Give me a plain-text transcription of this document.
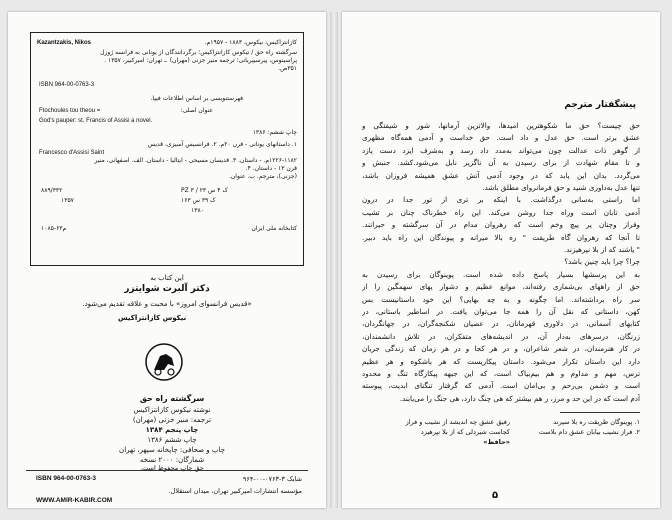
Kazantzakis, Nikos	کازانتزاکیس، نیکوس، ۱۸۸۳ - ۱۹۵۷م.
سرگشته راه حق / نیکوس کازانتزاکیس؛ برگردانندگان از یونانی به فرانسه ژوزل
پراسینوس، پیرسیپریانی؛ ترجمه منیر جزنی (مهران) .ـ تهران: امیرکبیر، ۱۳۵۷ .
۳۵۱ص.
ISBN 964-00-0763-3
فهرستنویسی بر اساس اطلاعات فیپا.
Ftochoules tou theou =	عنوان اصلی:
God's pauper: st. Francis of Assisi a novel.
چاپ ششم: ۱۳۸۶
۱. داستانهای یونانی - قرن ۲۰م. ۲. فرانسیس آسیزی، قدیس
Francesco d'Assisi Saint
۱۲۲۶-۱۱۸۲م. - داستان. ۳. قدیسان مسیحی - ایتالیا - داستان. الف. اصفهانی، منیر
قرن ۱۳ - داستان. ۴.
(جزنی)، مترجم. ب. عنوان.
۸۸۹/۳۳۲	PZ ۳ / ۲۳ ک ۴ س
۱۳۵۷	۱۶۳ ک ۳۹ س
۱۳۸۰
کتابخانه ملی ایران
م۶۳-۱۰۸۵
این کتاب به
دکتر آلبرت شوایتزر
«قدیس فرانسوای امروز» با محبت و علاقه تقدیم می‌شود.
نیکوس کازانتزاکیس
سرگشته راه حق
نوشته نیکوس کازانتزاکیس
ترجمه: منیر جزنی (مهران)
چاپ پنجم ۱۳۸۴
چاپ ششم ۱۳۸۶
چاپ و صحافی: چاپخانه سپهر، تهران
شمارگان: ۲۰۰۰ نسخه
حق چاپ محفوظ است.
ISBN 964-00-0763-3	شابک ۳-۰۷۶۳-۰۰-۹۶۴
مؤسسه انتشارات امیرکبیر تهران، میدان استقلال.
WWW.AMIR-KABIR.COM
پیشگفتار مترجم
حق چیست؟ حق ما شکوهترین امیدها، والاترین آرمانها، شور و شیفتگی و
عشق برتر است. حق عدل و داد است. حق خداست و آدمی همه‌گاه مظهری
از گوهر ذات عدالت چون می‌تواند به‌مدد داد رسد و به‌شرف ایزد دست یازد
و تا مقام شهادت از برای رسیدن به آن ناگزیر نابل می‌شود.کشد. جنبش و
می‌گردد. بدان این یابد که در وجود آدمی آتش عشق همیشه فروزان باشد،
تنها عدل به‌داوری شنید و حق فرمانروای مطلق باشد.
اما راستی به‌سانی درگذاشت. با اینکه بر تری از تور جدا در درون
آدمی تابان است وراه جدا روشن می‌کند. این راه خطرناک چنان بر تشیب
وفراز وچنان پر پیچ وخم است که رهروان مدام در آن سرگشته و حیرانند.
تا آنجا که رهروان گاه طریقت " ره بالا میرانه و پیوندگان این راه باید دبیر.
" یاشند که از بلا نپرهیزند.
چرا؟ چرا باید چنین باشد؟
به این پرسشها بسیار پاسخ داده شده است. پوینوگان برای رسیدن به
حق از راههای بی‌شماری رفته‌اند، موانع عظیم و دشوار یهای سهمگین را از
سر راه برداشته‌اند. اما چگونه و به چه بهایی؟ این خود داستانیست بس
کهن، داستانی که نقل آن را همه جا می‌توان یافت. در اساطیر باستانی، در
کتابهای آسمانی، در دلاوری قهرمانان، در عصیان شکنجه‌گران، در جهانگردان،
زرنگان، درسرهای به‌دار آن، در اندیشه‌های متفکران، در تلاش دانشمندان،
در کار هنرمندان، در شعر شاعران، و در هر کجا و در هر زمان که زندگی جریان
دارد این داستان تکرار می‌شود. داستان پیکاریست که هر باشکوه و هر عظیم
ترس، مهم و مداوم و هم بیم‌بیاک است، که این جبهه پیکارگاه تنگ و محدود
است و دشمن بی‌رحم و بی‌امان است. آدمی که گرفتار تنگنای ابدیت، پیوسته
آدم است که در این حد و مرز، ر هم بیشتر که هی چنگ دارد، هی جنگ را می‌یابند.
۱. پوینوگان طریقت ره بلا سپرند
رفیق عشق چه اندیشد از نشیب و فراز
۲. فراز نشیب بیابان عشق دام بلاست
کجاست شیردلی که از بلا نپرهیزد
«حافظ»
۵
